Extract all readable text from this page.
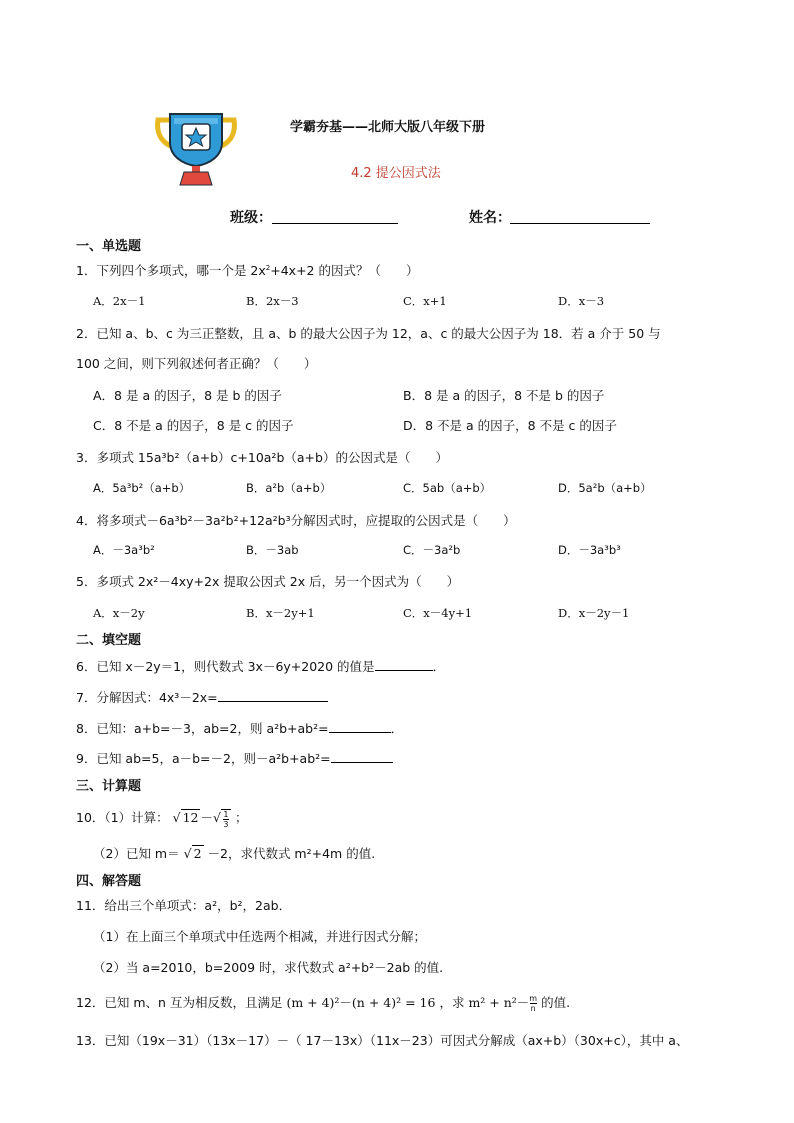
学霸夯基——北师大版八年级下册
4.2 提公因式法
班级：	姓名：
一、单选题
1．下列四个多项式，哪一个是 $2x^2+4x+2$ 的因式？（　　）
A．2x－1	B．2x－3	C．x+1	D．x－3
2．已知 a、b、c 为三正整数，且 a、b 的最大公因子为 12，a、c 的最大公因子为 18．若 a 介于 50 与
100 之间，则下列叙述何者正确？（　　）
A．8 是 a 的因子，8 是 b 的因子	B．8 是 a 的因子，8 不是 b 的因子
C．8 不是 a 的因子，8 是 c 的因子	D．8 不是 a 的因子，8 不是 c 的因子
3．多项式 15a³b²（a+b）c+10a²b（a+b）的公因式是（　　）
A．5a³b²（a+b）	B．a²b（a+b）	C．5ab（a+b）	D．5a²b（a+b）
4．将多项式－6a³b²－3a²b²+12a²b³分解因式时，应提取的公因式是（　　）
A．－3a³b²	B．－3ab	C．－3a²b	D．－3a³b³
5．多项式 2x²－4xy+2x 提取公因式 2x 后，另一个因式为（　　）
A．x－2y	B．x－2y+1	C．x－4y+1	D．x－2y－1
二、填空题
6．已知 x－2y＝1，则代数式 3x－6y+2020 的值是	．
7．分解因式：4x³－2x=
8．已知：a+b=－3，ab=2，则 a²b+ab²=	．
9．已知 ab=5，a－b=－2，则－a²b+ab²=
三、计算题
10．（1）计算： √ 12 －√ $\frac{1}{3}$ ；
（2）已知 m＝ √ 2 －2，求代数式 m²+4m 的值.
四、解答题
11．给出三个单项式：a²，b²，2ab．
（1）在上面三个单项式中任选两个相减，并进行因式分解；
（2）当 a=2010，b=2009 时，求代数式 a²+b²－2ab 的值.
12．已知 m、n 互为相反数，且满足 (m + 4)²－(n + 4)² = 16 ，求 $m^2 + n^2- \frac{m}{n}$ 的值.
13．已知（19x－31）（13x－17）－（ 17－13x）（11x－23）可因式分解成（ax+b）（30x+c），其中 a、
